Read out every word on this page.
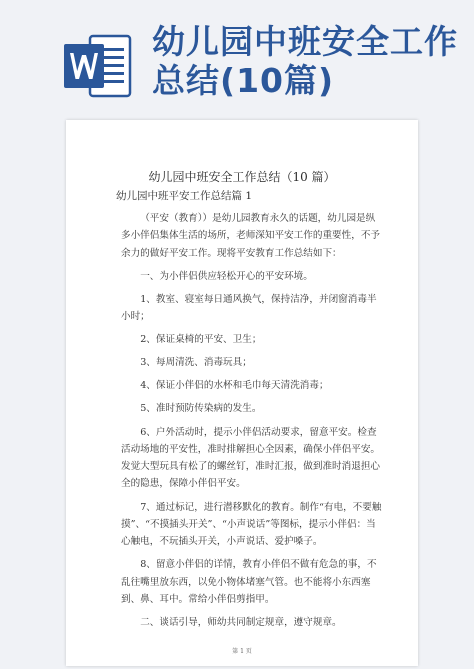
幼儿园中班安全工作总结(10篇)
幼儿园中班安全工作总结（10 篇）
幼儿园中班平安工作总结篇 1

（平安（教育））是幼儿园教育永久的话题，幼儿园是纵多小伴侣集体生活的场所，老师深知平安工作的重要性，不予余力的做好平安工作。现将平安教育工作总结如下：

一、为小伴侣供应轻松开心的平安环境。

1、教室、寝室每日通风换气，保持洁净，并闭窗消毒半小时；

2、保证桌椅的平安、卫生；

3、每周清洗、消毒玩具；

4、保证小伴侣的水杯和毛巾每天清洗消毒；

5、准时预防传染病的发生。

6、户外活动时，提示小伴侣活动要求，留意平安。检查活动场地的平安性，准时排解担心全因素，确保小伴侣平安。发觉大型玩具有松了的螺丝钉，准时汇报，做到准时消退担心全的隐患，保障小伴侣平安。

7、通过标记，进行潜移默化的教育。制作“有电，不要触摸”、“不摸插头开关”、“小声说话”等图标，提示小伴侣：当心触电，不玩插头开关，小声说话、爱护嗓子。

8、留意小伴侣的详情，教育小伴侣不做有危急的事，不乱往嘴里放东西，以免小物体堵塞气管。也不能将小东西塞到、鼻、耳中。常给小伴侣剪指甲。

二、谈话引导，师幼共同制定规章，遵守规章。

第 1 页
